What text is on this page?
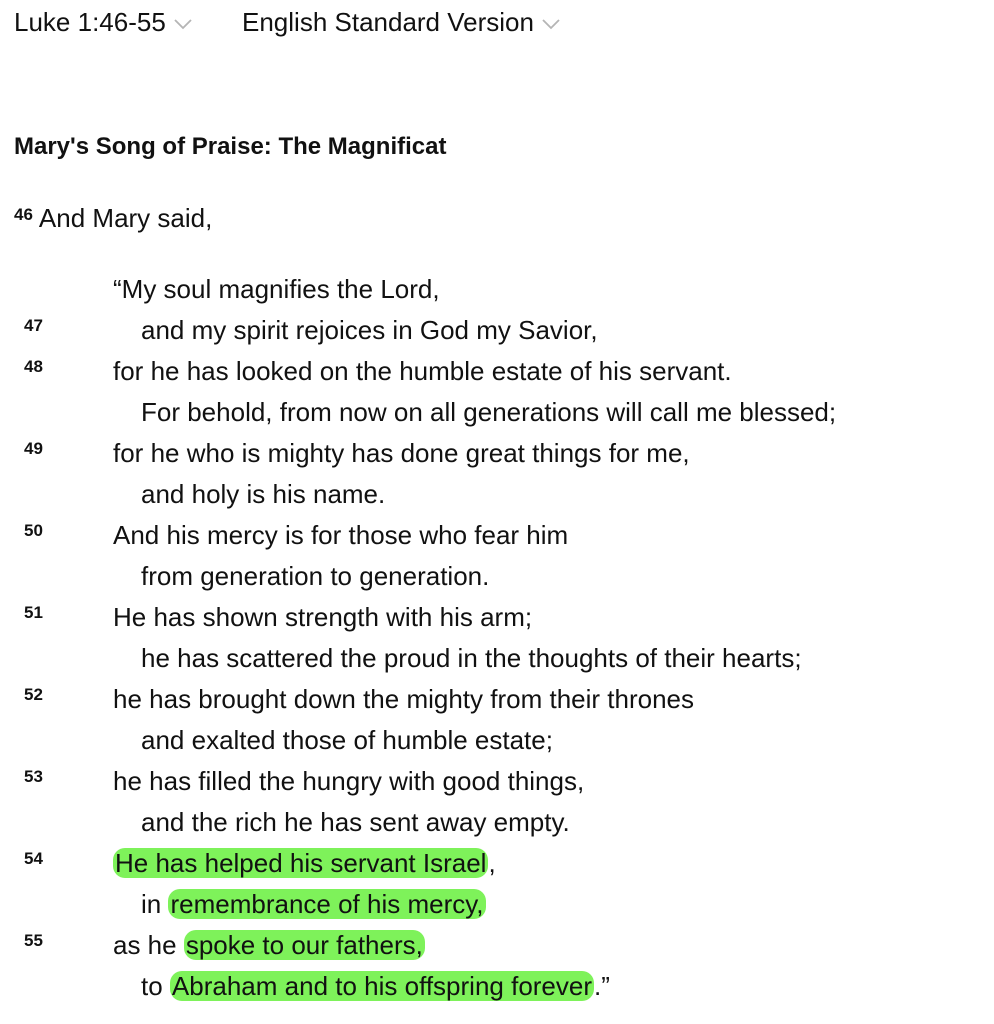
Luke 1:46-55	English Standard Version
Mary's Song of Praise: The Magnificat
$^{46}$ And Mary said,
“My soul magnifies the Lord,
47	and my spirit rejoices in God my Savior,
48	for he has looked on the humble estate of his servant.
For behold, from now on all generations will call me blessed;
49	for he who is mighty has done great things for me,
and holy is his name.
50	And his mercy is for those who fear him
from generation to generation.
51	He has shown strength with his arm;
he has scattered the proud in the thoughts of their hearts;
52	he has brought down the mighty from their thrones
and exalted those of humble estate;
53	he has filled the hungry with good things,
and the rich he has sent away empty.
54	He has helped his servant Israel,
in remembrance of his mercy,
55	as he spoke to our fathers,
to Abraham and to his offspring forever.”
